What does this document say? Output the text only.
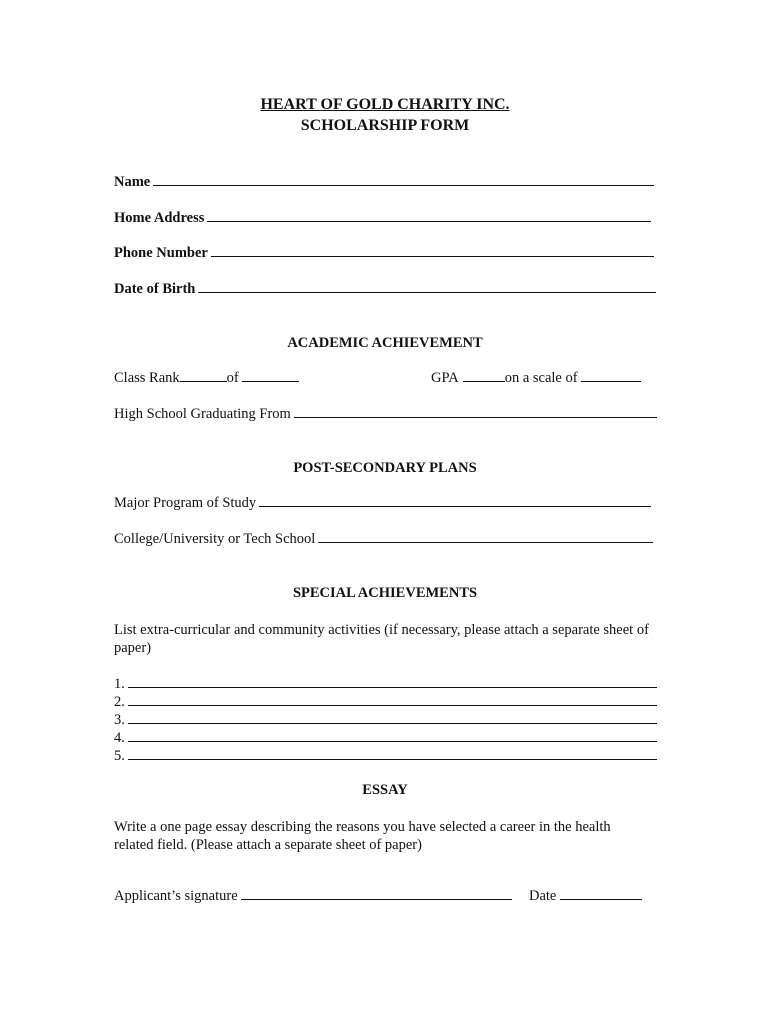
HEART OF GOLD CHARITY INC.
SCHOLARSHIP FORM
Name
Home Address
Phone Number
Date of Birth
ACADEMIC ACHIEVEMENT
Class Rank	of	GPA	on a scale of
High School Graduating From
POST-SECONDARY PLANS
Major Program of Study
College/University or Tech School
SPECIAL ACHIEVEMENTS
List extra-curricular and community activities (if necessary, please attach a separate sheet of paper)
1.
2.
3.
4.
5.
ESSAY
Write a one page essay describing the reasons you have selected a career in the health related field. (Please attach a separate sheet of paper)
Applicant’s signature	Date
